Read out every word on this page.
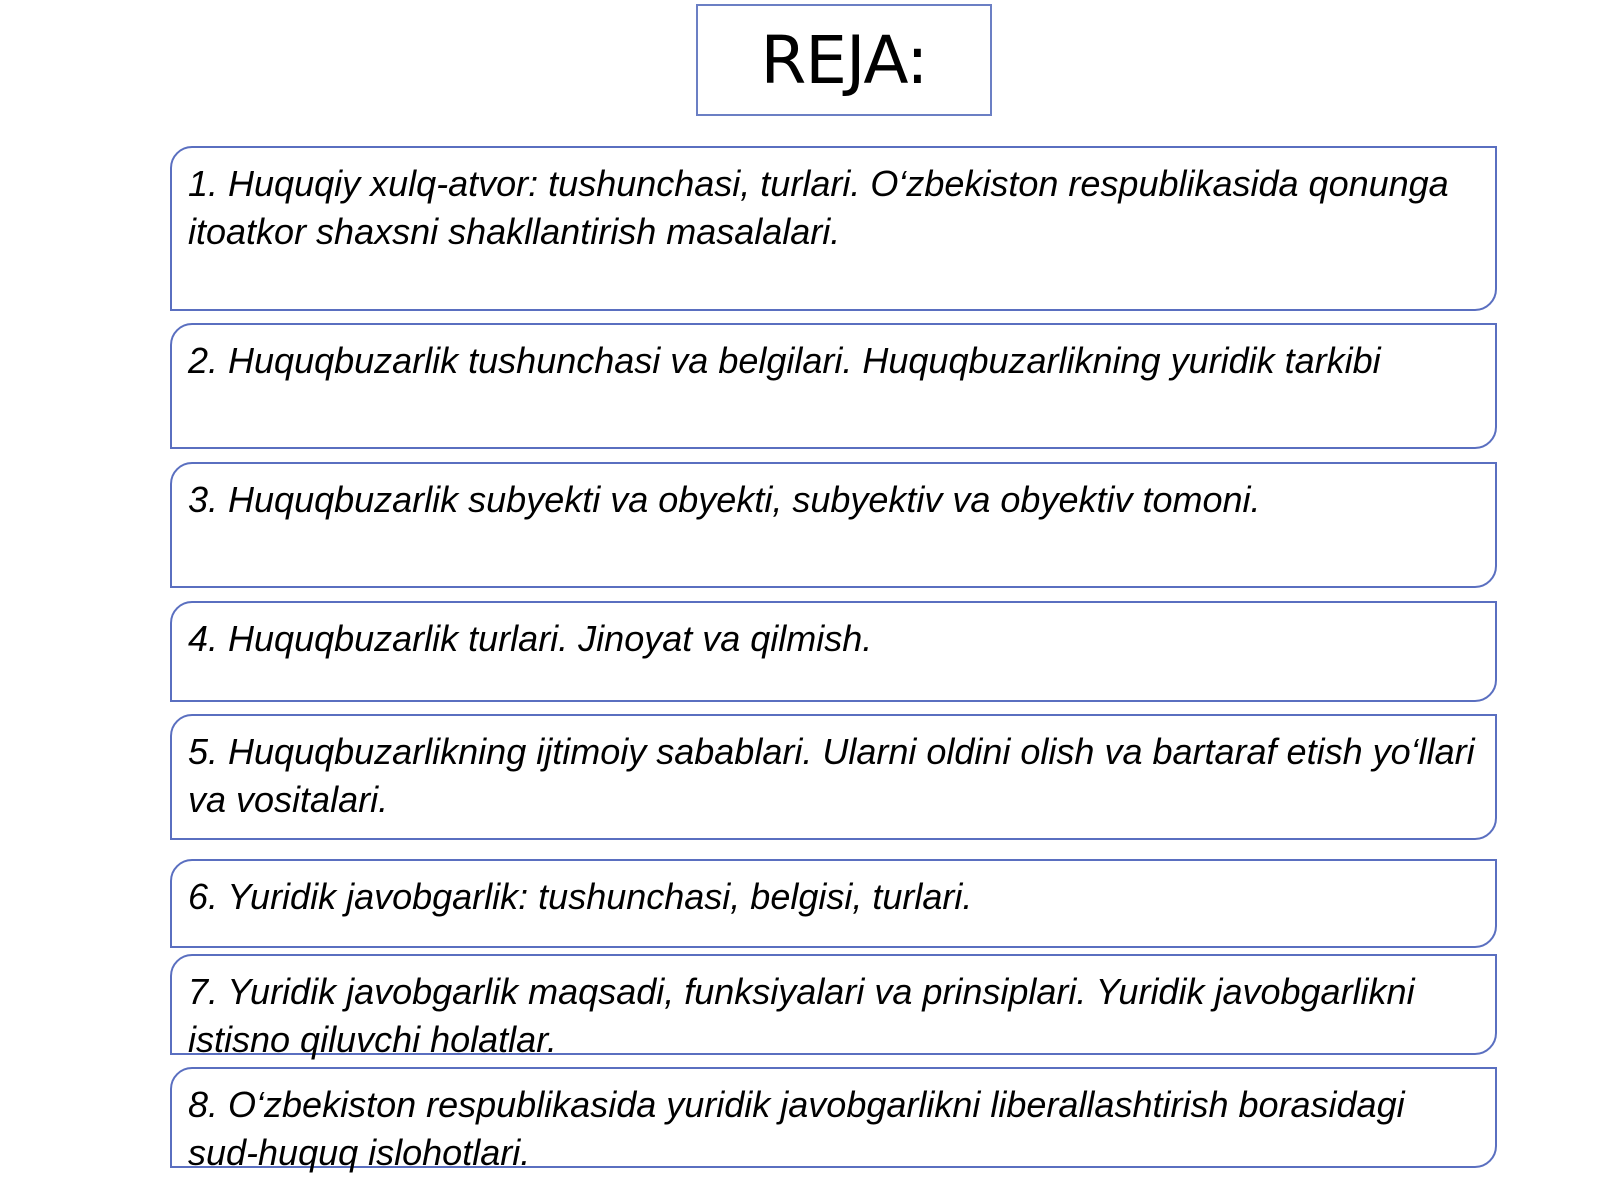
REJA:
1. Huquqiy xulq-atvor: tushunchasi, turlari. O‘zbekiston respublikasida qonunga itoatkor shaxsni shakllantirish masalalari.
2. Huquqbuzarlik tushunchasi va belgilari. Huquqbuzarlikning yuridik tarkibi
3. Huquqbuzarlik subyekti va obyekti, subyektiv va obyektiv tomoni.
4. Huquqbuzarlik turlari. Jinoyat va qilmish.
5. Huquqbuzarlikning ijtimoiy sabablari. Ularni oldini olish va bartaraf etish yo‘llari va vositalari.
6. Yuridik javobgarlik: tushunchasi, belgisi, turlari.
7. Yuridik javobgarlik maqsadi, funksiyalari va prinsiplari. Yuridik javobgarlikni istisno qiluvchi holatlar.
8. O‘zbekiston respublikasida yuridik javobgarlikni liberallashtirish borasidagi sud-huquq islohotlari.
